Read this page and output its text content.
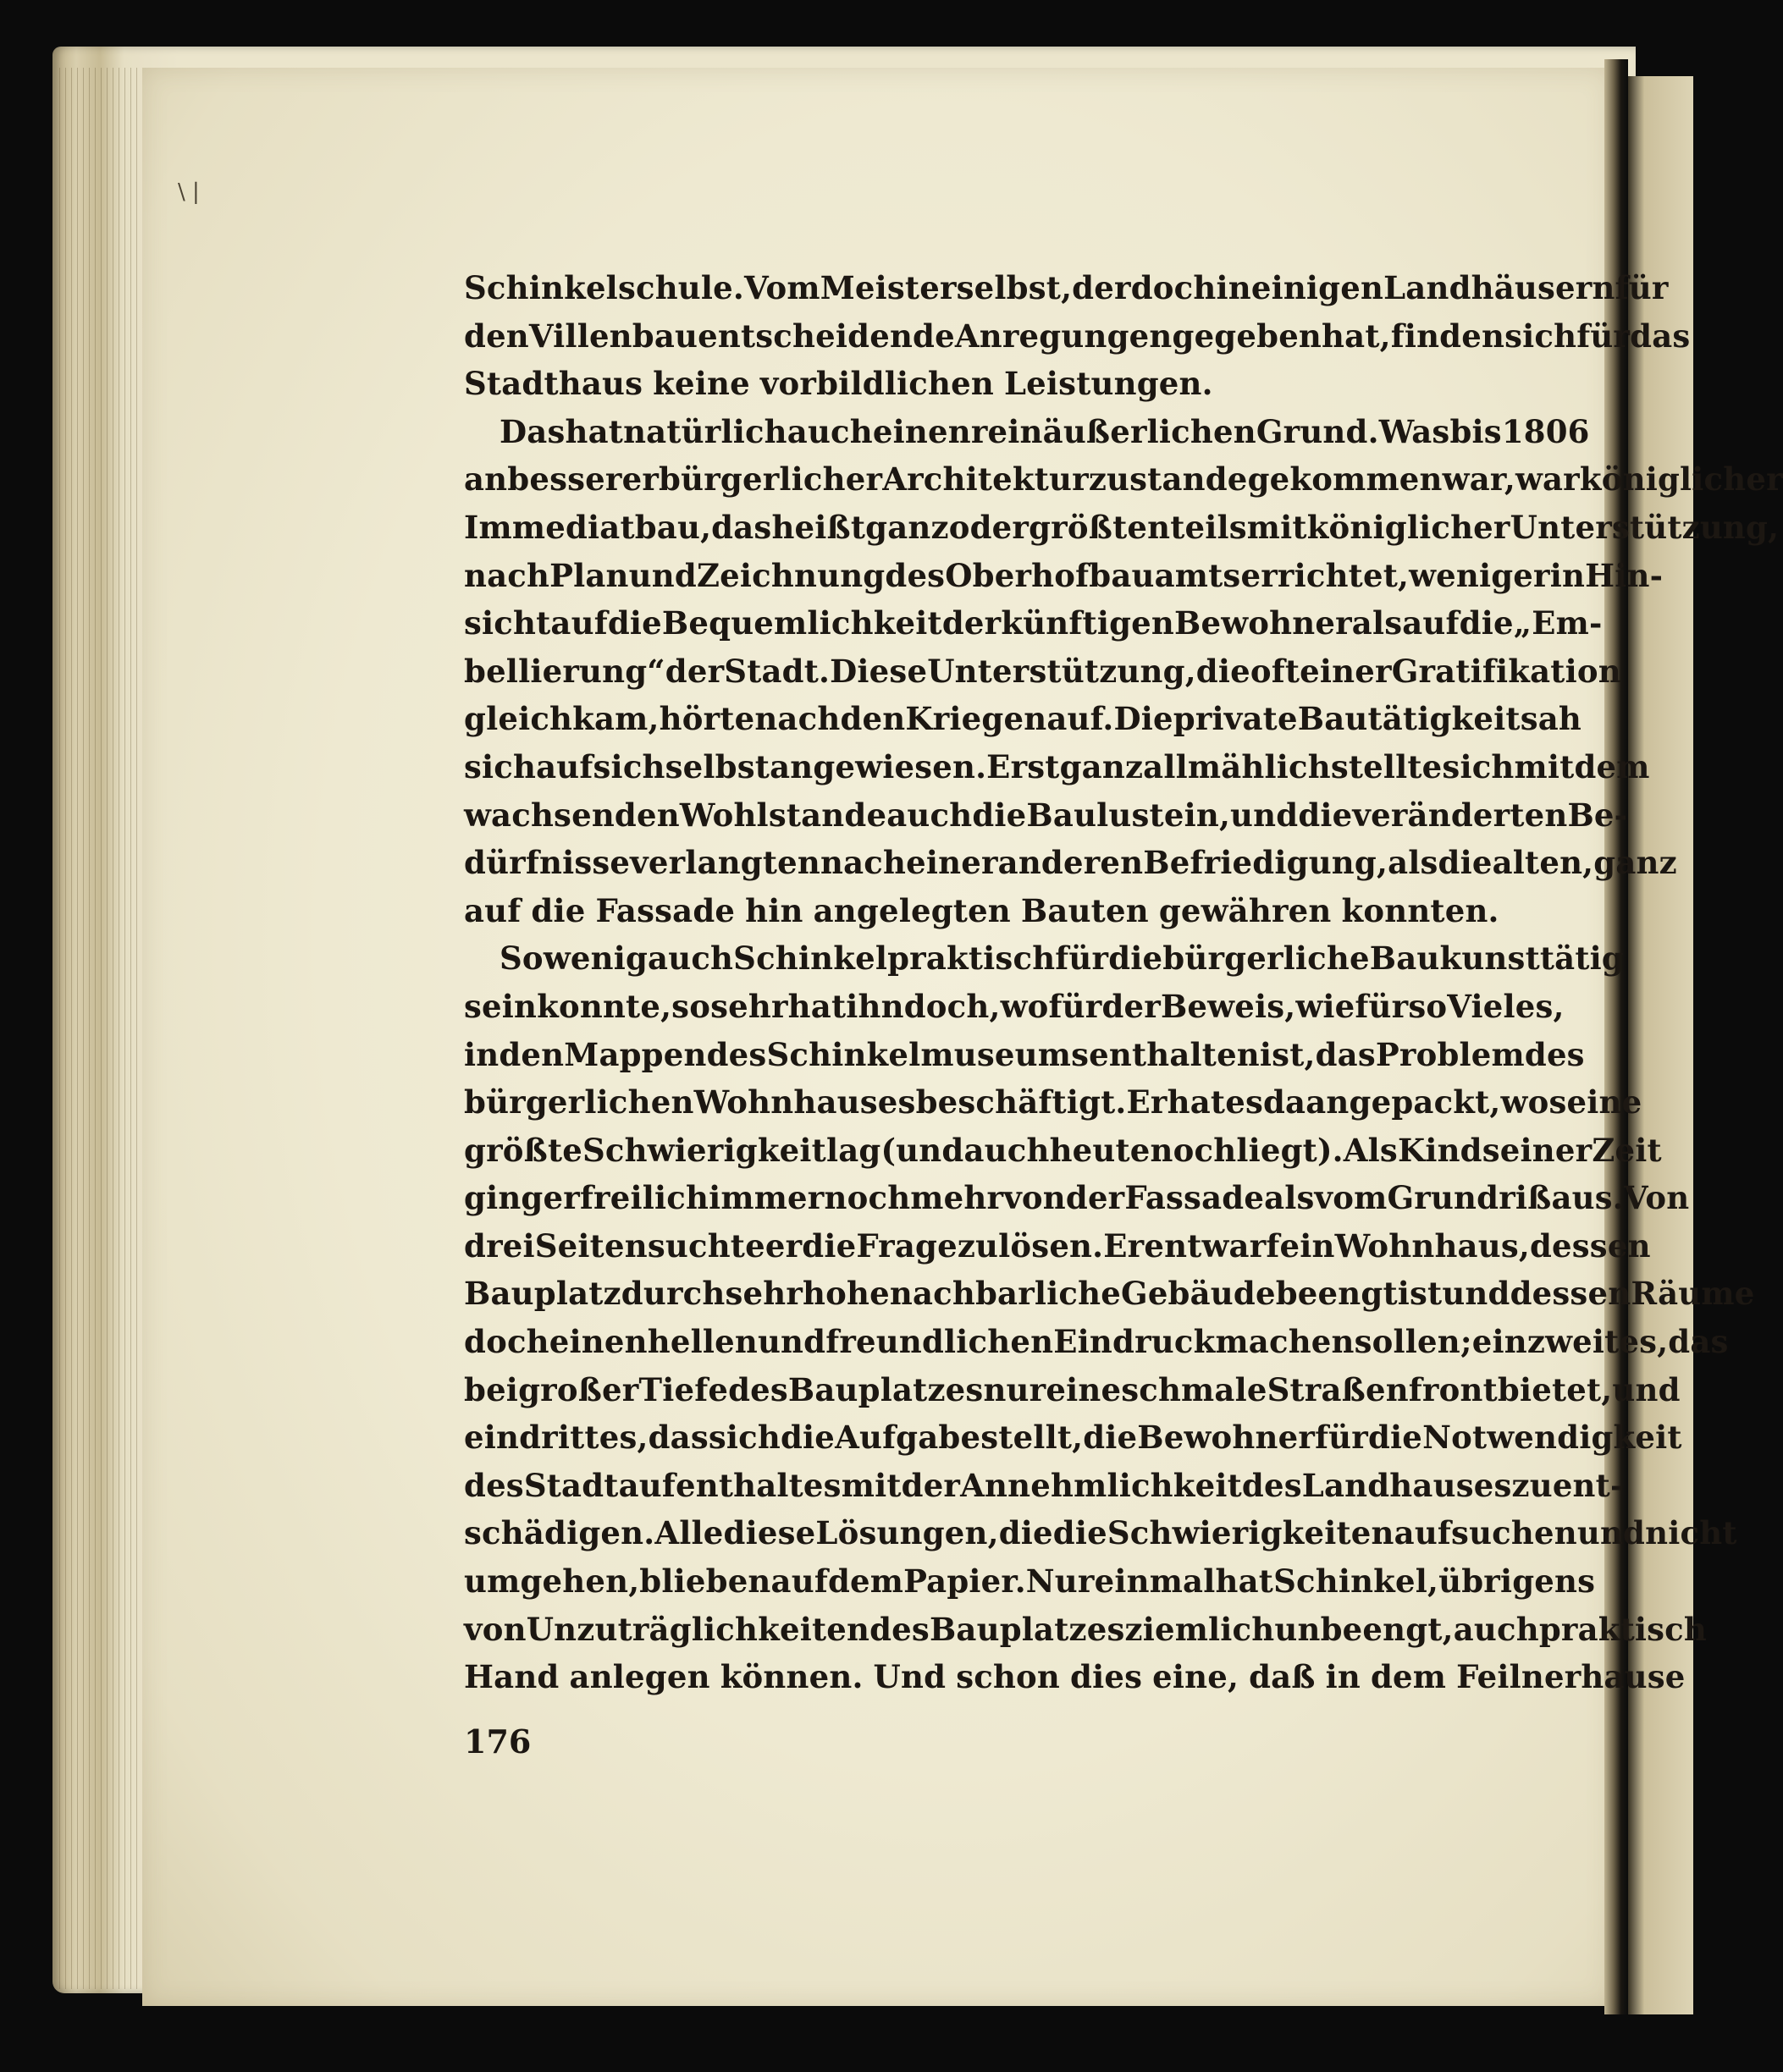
\ |
Schinkelschule. Vom Meister selbst, der doch in einigen Landhäusern für
den Villenbau entscheidende Anregungen gegeben hat, finden sich für das
Stadthaus keine vorbildlichen Leistungen.
Das hat natürlich auch einen rein äußerlichen Grund. Was bis 1806
an besserer bürgerlicher Architektur zustande gekommen war, war königlicher
Immediatbau, das heißt ganz oder größtenteils mit königlicher Unterstützung,
nach Plan und Zeichnung des Oberhofbauamts errichtet, weniger in Hin-
sicht auf die Bequemlichkeit der künftigen Bewohner als auf die „Em-
bellierung“ der Stadt. Diese Unterstützung, die oft einer Gratifikation
gleichkam, hörte nach den Kriegen auf. Die private Bautätigkeit sah
sich auf sich selbst angewiesen. Erst ganz allmählich stellte sich mit dem
wachsenden Wohlstande auch die Baulust ein, und die veränderten Be-
dürfnisse verlangten nach einer anderen Befriedigung, als die alten, ganz
auf die Fassade hin angelegten Bauten gewähren konnten.
So wenig auch Schinkel praktisch für die bürgerliche Baukunst tätig
sein konnte, so sehr hat ihn doch, wofür der Beweis, wie für so Vieles,
in den Mappen des Schinkelmuseums enthalten ist, das Problem des
bürgerlichen Wohnhauses beschäftigt. Er hat es da angepackt, wo seine
größte Schwierigkeit lag (und auch heute noch liegt). Als Kind seiner Zeit
ging er freilich immer noch mehr von der Fassade als vom Grundriß aus. Von
drei Seiten suchte er die Frage zu lösen. Er entwarf ein Wohnhaus, dessen
Bauplatz durch sehr hohe nachbarliche Gebäude beengt ist und dessen Räume
doch einen hellen und freundlichen Eindruck machen sollen; ein zweites, das
bei großer Tiefe des Bauplatzes nur eine schmale Straßenfront bietet, und
ein drittes, das sich die Aufgabe stellt, die Bewohner für die Notwendigkeit
des Stadtaufenthaltes mit der Annehmlichkeit des Landhauses zu ent-
schädigen. Alle diese Lösungen, die die Schwierigkeiten aufsuchen und nicht
umgehen, blieben auf dem Papier. Nur einmal hat Schinkel, übrigens
von Unzuträglichkeiten des Bauplatzes ziemlich unbeengt, auch praktisch
Hand anlegen können. Und schon dies eine, daß in dem Feilnerhause
176
